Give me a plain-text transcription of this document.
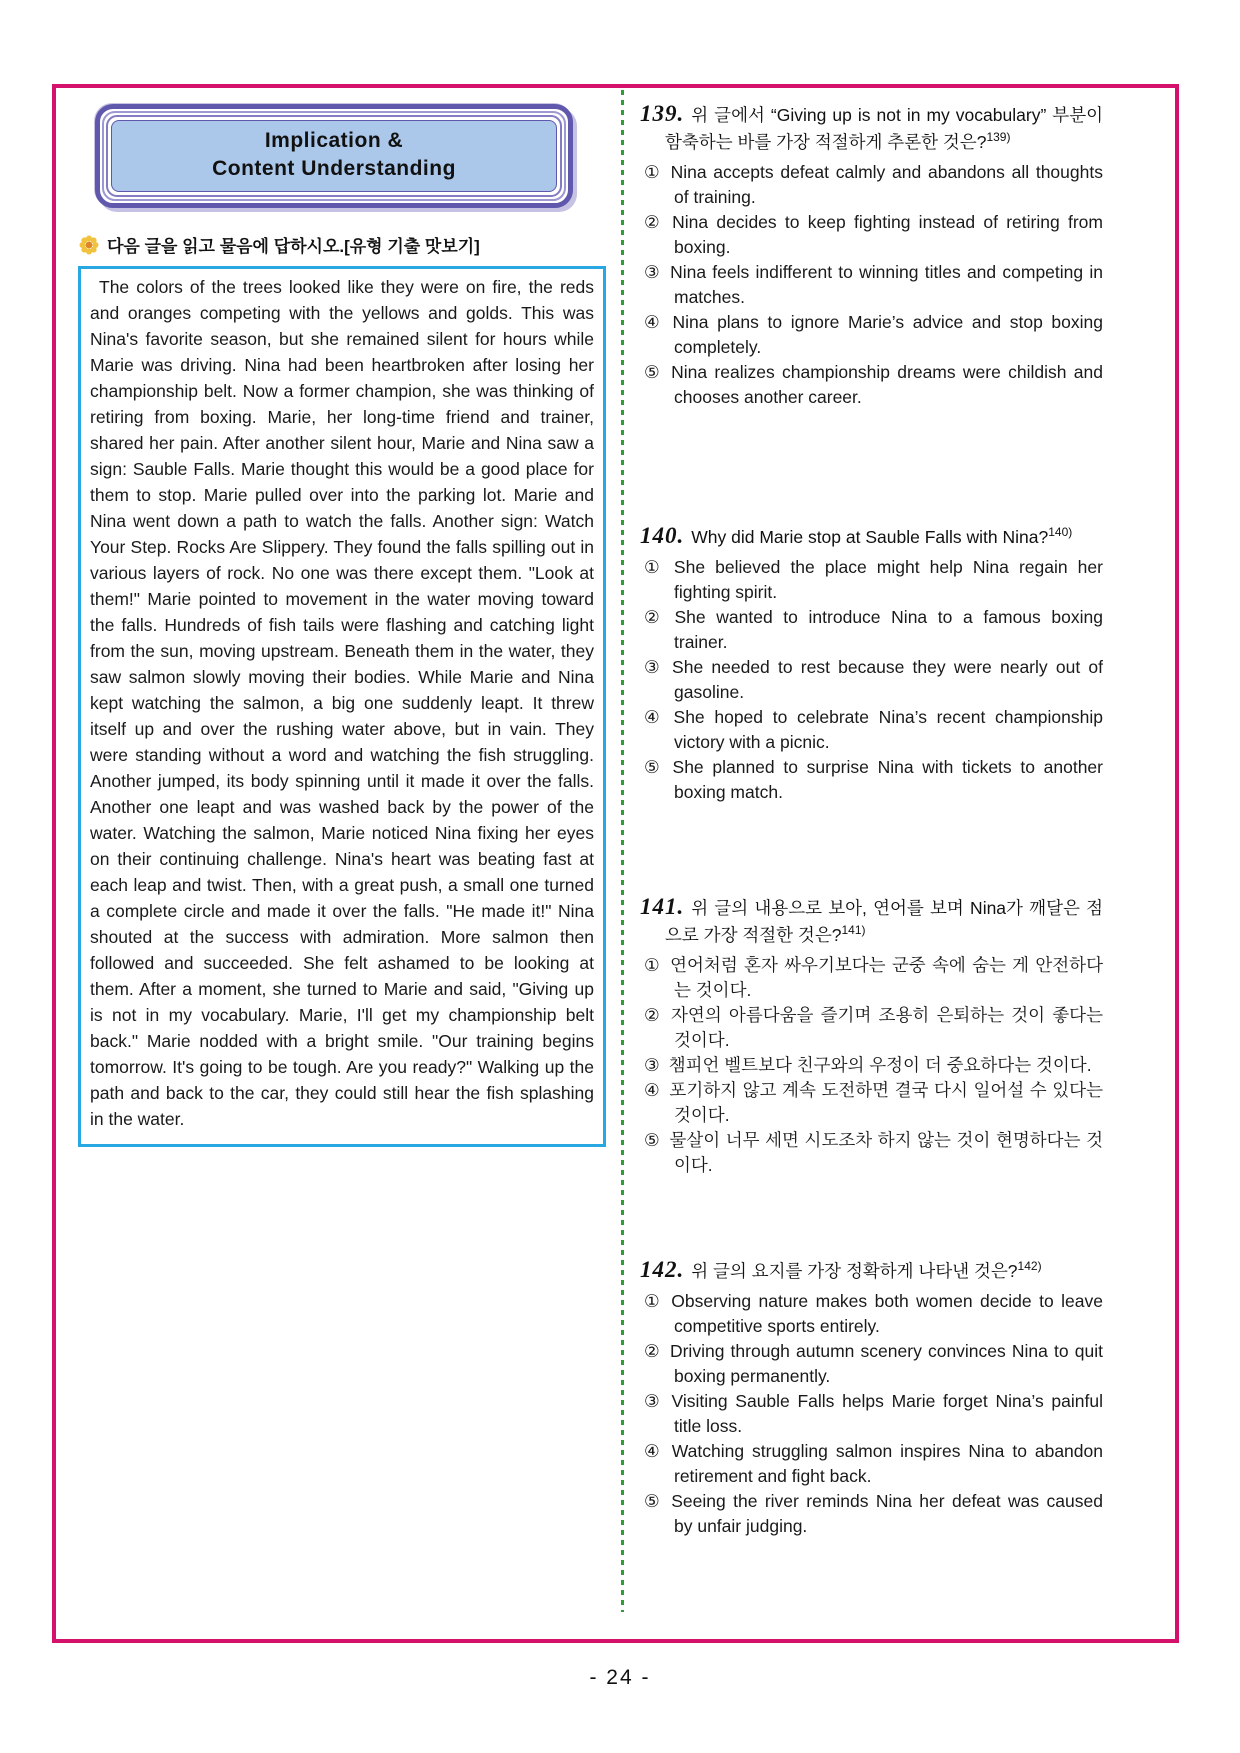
Implication &
Content Understanding
다음 글을 읽고 물음에 답하시오.[유형 기출 맛보기]

The colors of the trees looked like they were on fire, the reds and oranges competing with the yellows and golds. This was Nina's favorite season, but she remained silent for hours while Marie was driving. Nina had been heartbroken after losing her championship belt. Now a former champion, she was thinking of retiring from boxing. Marie, her long-time friend and trainer, shared her pain. After another silent hour, Marie and Nina saw a sign: Sauble Falls. Marie thought this would be a good place for them to stop. Marie pulled over into the parking lot. Marie and Nina went down a path to watch the falls. Another sign: Watch Your Step. Rocks Are Slippery. They found the falls spilling out in various layers of rock. No one was there except them. "Look at them!" Marie pointed to movement in the water moving toward the falls. Hundreds of fish tails were flashing and catching light from the sun, moving upstream. Beneath them in the water, they saw salmon slowly moving their bodies. While Marie and Nina kept watching the salmon, a big one suddenly leapt. It threw itself up and over the rushing water above, but in vain. They were standing without a word and watching the fish struggling. Another jumped, its body spinning until it made it over the falls. Another one leapt and was washed back by the power of the water. Watching the salmon, Marie noticed Nina fixing her eyes on their continuing challenge. Nina's heart was beating fast at each leap and twist. Then, with a great push, a small one turned a complete circle and made it over the falls. "He made it!" Nina shouted at the success with admiration. More salmon then followed and succeeded. She felt ashamed to be looking at them. After a moment, she turned to Marie and said, "Giving up is not in my vocabulary. Marie, I'll get my championship belt back." Marie nodded with a bright smile. "Our training begins tomorrow. It's going to be tough. Are you ready?" Walking up the path and back to the car, they could still hear the fish splashing in the water.

139. 위 글에서 “Giving up is not in my vocabulary” 부분이 함축하는 바를 가장 적절하게 추론한 것은?$^{139)}$
① Nina accepts defeat calmly and abandons all thoughts of training.
② Nina decides to keep fighting instead of retiring from boxing.
③ Nina feels indifferent to winning titles and competing in matches.
④ Nina plans to ignore Marie’s advice and stop boxing completely.
⑤ Nina realizes championship dreams were childish and chooses another career.
140. Why did Marie stop at Sauble Falls with Nina?$^{140)}$
① She believed the place might help Nina regain her fighting spirit.
② She wanted to introduce Nina to a famous boxing trainer.
③ She needed to rest because they were nearly out of gasoline.
④ She hoped to celebrate Nina’s recent championship victory with a picnic.
⑤ She planned to surprise Nina with tickets to another boxing match.
141. 위 글의 내용으로 보아, 연어를 보며 Nina가 깨달은 점으로 가장 적절한 것은?$^{141)}$
① 연어처럼 혼자 싸우기보다는 군중 속에 숨는 게 안전하다는 것이다.
② 자연의 아름다움을 즐기며 조용히 은퇴하는 것이 좋다는 것이다.
③ 챔피언 벨트보다 친구와의 우정이 더 중요하다는 것이다.
④ 포기하지 않고 계속 도전하면 결국 다시 일어설 수 있다는 것이다.
⑤ 물살이 너무 세면 시도조차 하지 않는 것이 현명하다는 것이다.
142. 위 글의 요지를 가장 정확하게 나타낸 것은?$^{142)}$
① Observing nature makes both women decide to leave competitive sports entirely.
② Driving through autumn scenery convinces Nina to quit boxing permanently.
③ Visiting Sauble Falls helps Marie forget Nina’s painful title loss.
④ Watching struggling salmon inspires Nina to abandon retirement and fight back.
⑤ Seeing the river reminds Nina her defeat was caused by unfair judging.
- 24 -
